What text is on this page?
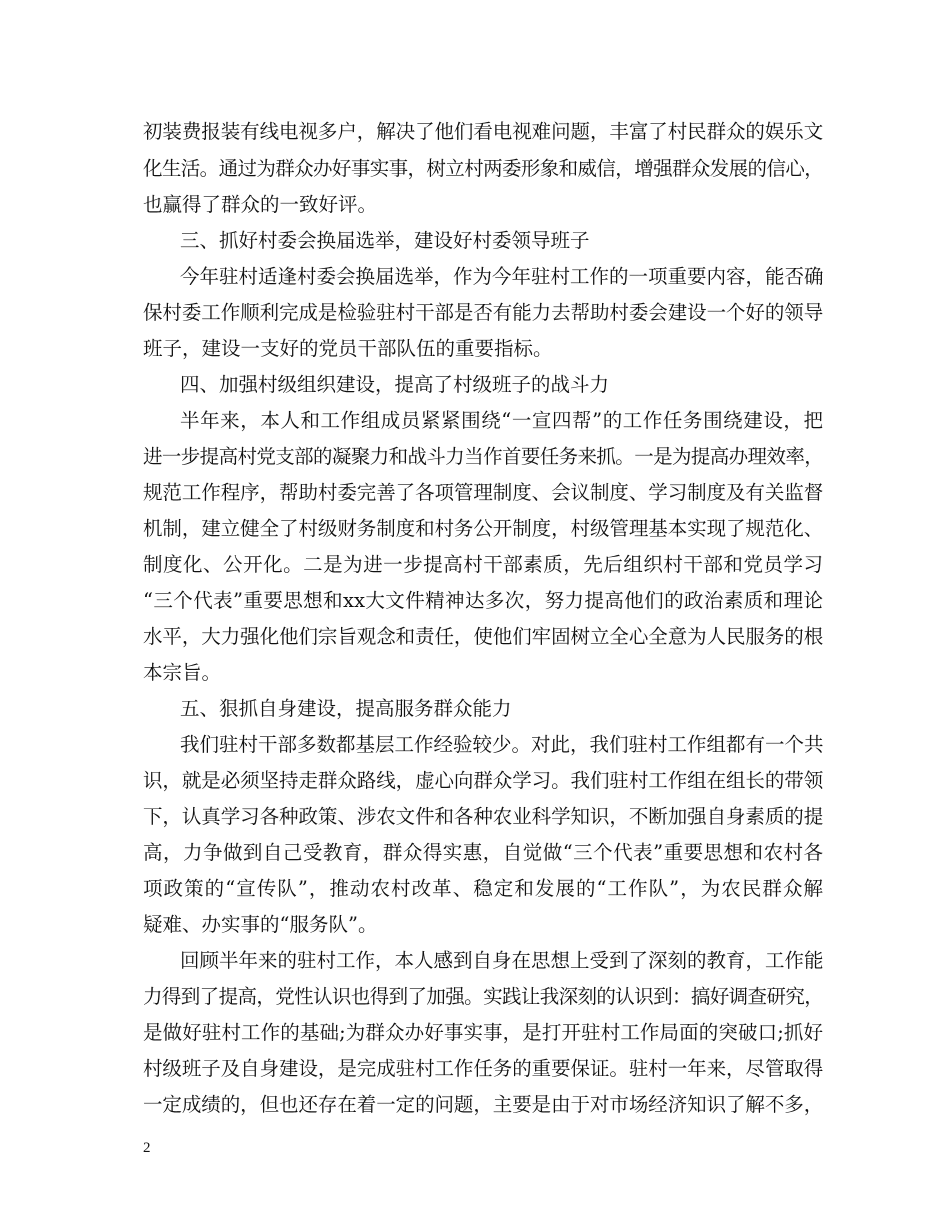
初装费报装有线电视多户，解决了他们看电视难问题，丰富了村民群众的娱乐文
化生活。通过为群众办好事实事，树立村两委形象和威信，增强群众发展的信心，
也赢得了群众的一致好评。
三、抓好村委会换届选举，建设好村委领导班子
今年驻村适逢村委会换届选举，作为今年驻村工作的一项重要内容，能否确
保村委工作顺利完成是检验驻村干部是否有能力去帮助村委会建设一个好的领导
班子，建设一支好的党员干部队伍的重要指标。
四、加强村级组织建设，提高了村级班子的战斗力
半年来，本人和工作组成员紧紧围绕“一宣四帮”的工作任务围绕建设，把
进一步提高村党支部的凝聚力和战斗力当作首要任务来抓。一是为提高办理效率，
规范工作程序，帮助村委完善了各项管理制度、会议制度、学习制度及有关监督
机制，建立健全了村级财务制度和村务公开制度，村级管理基本实现了规范化、
制度化、公开化。二是为进一步提高村干部素质，先后组织村干部和党员学习
“三个代表”重要思想和xx大文件精神达多次，努力提高他们的政治素质和理论
水平，大力强化他们宗旨观念和责任，使他们牢固树立全心全意为人民服务的根
本宗旨。
五、狠抓自身建设，提高服务群众能力
我们驻村干部多数都基层工作经验较少。对此，我们驻村工作组都有一个共
识，就是必须坚持走群众路线，虚心向群众学习。我们驻村工作组在组长的带领
下，认真学习各种政策、涉农文件和各种农业科学知识，不断加强自身素质的提
高，力争做到自己受教育，群众得实惠，自觉做“三个代表”重要思想和农村各
项政策的“宣传队”，推动农村改革、稳定和发展的“工作队”，为农民群众解
疑难、办实事的“服务队”。
回顾半年来的驻村工作，本人感到自身在思想上受到了深刻的教育，工作能
力得到了提高，党性认识也得到了加强。实践让我深刻的认识到：搞好调查研究，
是做好驻村工作的基础;为群众办好事实事，是打开驻村工作局面的突破口;抓好
村级班子及自身建设，是完成驻村工作任务的重要保证。驻村一年来，尽管取得
一定成绩的，但也还存在着一定的问题，主要是由于对市场经济知识了解不多，
2
